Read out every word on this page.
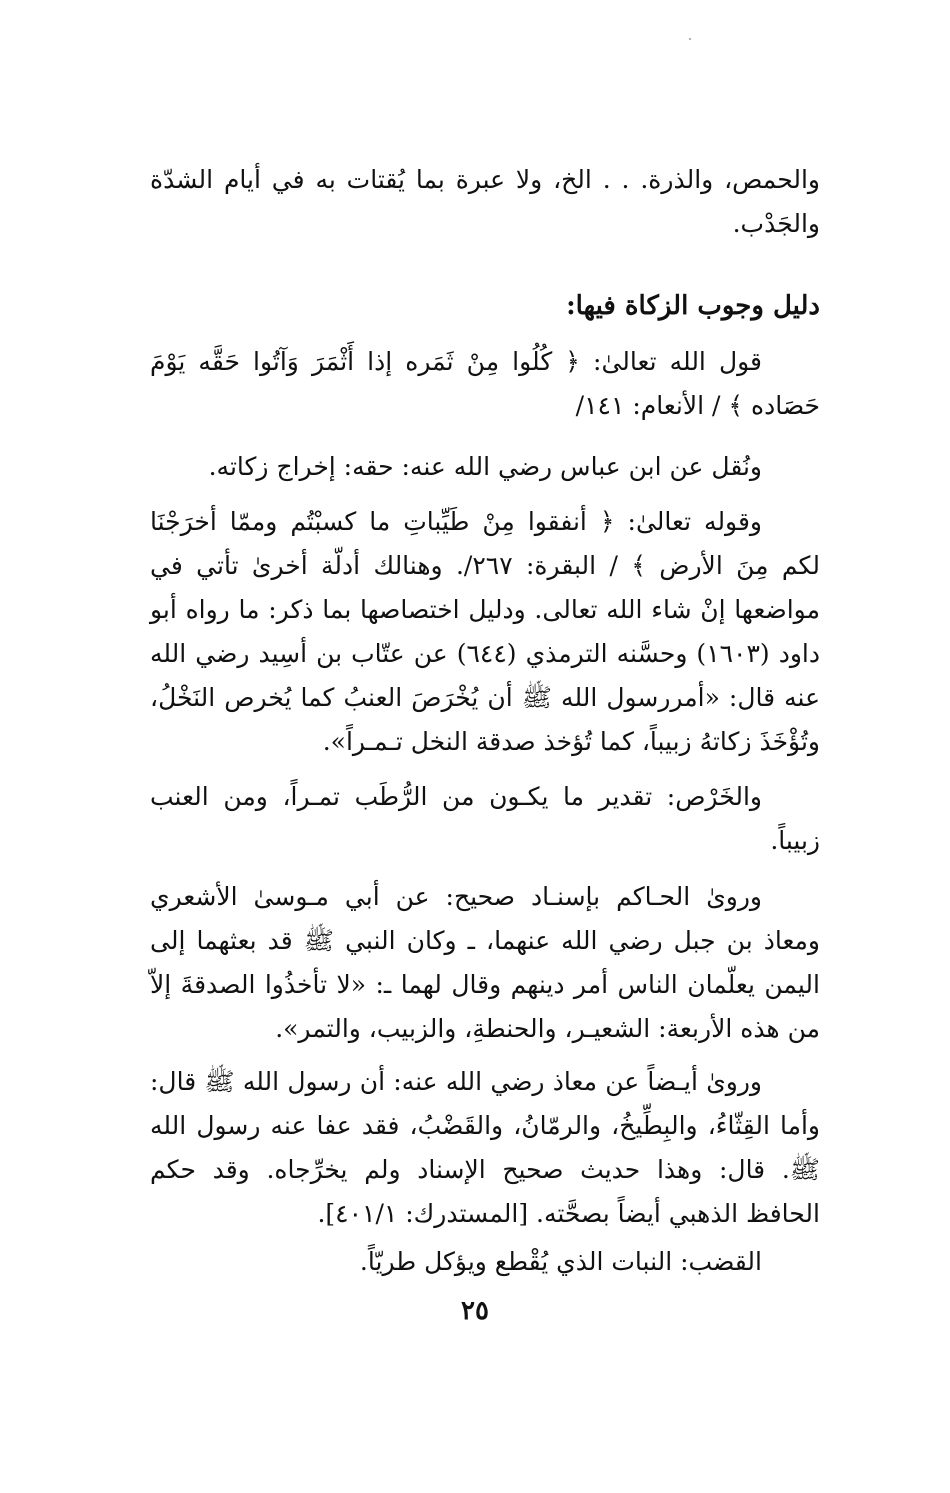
والحمص، والذرة. . . الخ، ولا عبرة بما يُقتات به في أيام الشدّة والجَدْب.
دليل وجوب الزكاة فيها:
قول الله تعالىٰ: ﴿ كُلُوا مِنْ ثَمَره إذا أَثْمَرَ وَآتُوا حَقَّه يَوْمَ حَصَاده ﴾ / الأنعام: ١٤١/
ونُقل عن ابن عباس رضي الله عنه: حقه: إخراج زكاته.
وقوله تعالىٰ: ﴿ أنفقوا مِنْ طَيِّباتِ ما كسبْتُم وممّا أخرَجْنَا لكم مِنَ الأرض ﴾ / البقرة: ٢٦٧/. وهنالك أدلّة أخرىٰ تأتي في مواضعها إنْ شاء الله تعالى. ودليل اختصاصها بما ذكر: ما رواه أبو داود (١٦٠٣) وحسَّنه الترمذي (٦٤٤) عن عتّاب بن أسِيد رضي الله عنه قال: «أمررسول الله ﷺ أن يُخْرَصَ العنبُ كما يُخرص النَخْلُ، وتُؤْخَذَ زكاتهُ زبيباً، كما تُؤخذ صدقة النخل تـمـراً».
والخَرْص: تقدير ما يكـون من الرُّطَب تمـراً، ومن العنب زبيباً.
وروىٰ الحـاكم بإسنـاد صحيح: عن أبي مـوسىٰ الأشعري ومعاذ بن جبل رضي الله عنهما، ـ وكان النبي ﷺ قد بعثهما إلى اليمن يعلّمان الناس أمر دينهم وقال لهما ـ: «لا تأخذُوا الصدقةَ إلاّ من هذه الأربعة: الشعيـر، والحنطةِ، والزبيب، والتمر».
ورویٰ أيـضاً عن معاذ رضي الله عنه: أن رسول الله ﷺ قال: وأما القِثّاءُ، والبِطِّيخُ، والرمّانُ، والقَضْبُ، فقد عفا عنه رسول الله ﷺ. قال: وهذا حديث صحيح الإسناد ولم يخرِّجاه. وقد حكم الحافظ الذهبي أيضاً بصحَّته. [المستدرك: ٤٠١/١].
القضب: النبات الذي يُقْطع ويؤكل طريّاً.
٢٥
